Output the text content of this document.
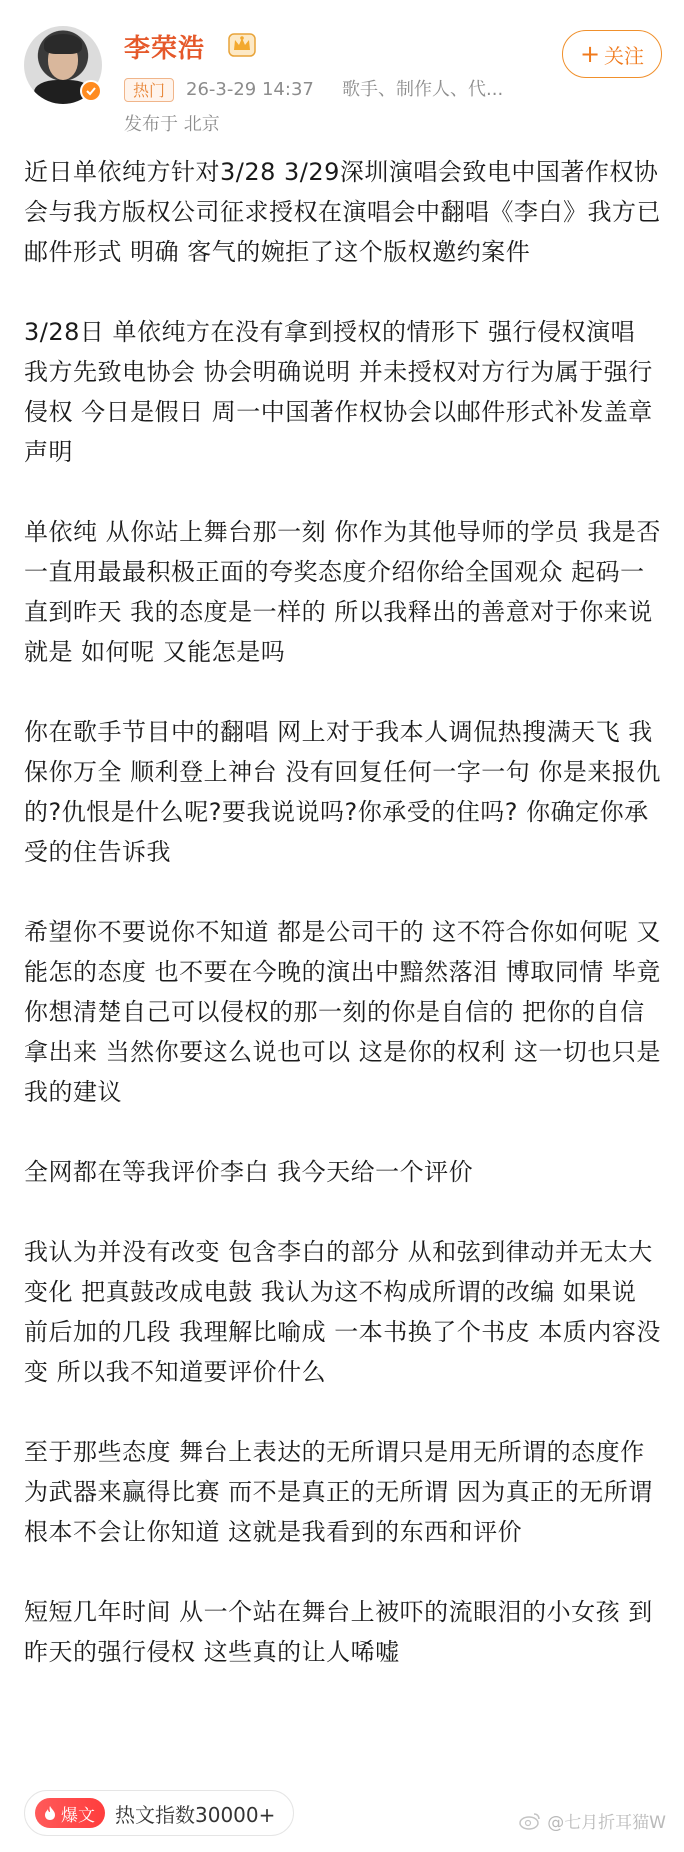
李荣浩
热门	26-3-29 14:37 歌手、制作人、代...
发布于 北京
+ 关注

近日单依纯方针对3/28 3/29深圳演唱会致电中国著作权协会与我方版权公司征求授权在演唱会中翻唱《李白》我方已邮件形式 明确 客气的婉拒了这个版权邀约案件

3/28日 单依纯方在没有拿到授权的情形下 强行侵权演唱 我方先致电协会 协会明确说明 并未授权对方行为属于强行侵权 今日是假日 周一中国著作权协会以邮件形式补发盖章声明

单依纯 从你站上舞台那一刻 你作为其他导师的学员 我是否一直用最最积极正面的夸奖态度介绍你给全国观众 起码一直到昨天 我的态度是一样的 所以我释出的善意对于你来说 就是 如何呢 又能怎是吗

你在歌手节目中的翻唱 网上对于我本人调侃热搜满天飞 我保你万全 顺利登上神台 没有回复任何一字一句 你是来报仇的?仇恨是什么呢?要我说说吗?你承受的住吗? 你确定你承受的住告诉我

希望你不要说你不知道 都是公司干的 这不符合你如何呢 又能怎的态度 也不要在今晚的演出中黯然落泪 博取同情 毕竟你想清楚自己可以侵权的那一刻的你是自信的 把你的自信拿出来 当然你要这么说也可以 这是你的权利 这一切也只是我的建议

全网都在等我评价李白 我今天给一个评价

我认为并没有改变 包含李白的部分 从和弦到律动并无太大变化 把真鼓改成电鼓 我认为这不构成所谓的改编 如果说 前后加的几段 我理解比喻成 一本书换了个书皮 本质内容没变 所以我不知道要评价什么

至于那些态度 舞台上表达的无所谓只是用无所谓的态度作为武器来赢得比赛 而不是真正的无所谓 因为真正的无所谓根本不会让你知道 这就是我看到的东西和评价

短短几年时间 从一个站在舞台上被吓的流眼泪的小女孩 到昨天的强行侵权 这些真的让人唏嘘

爆文 热文指数30000+	@七月折耳猫W
